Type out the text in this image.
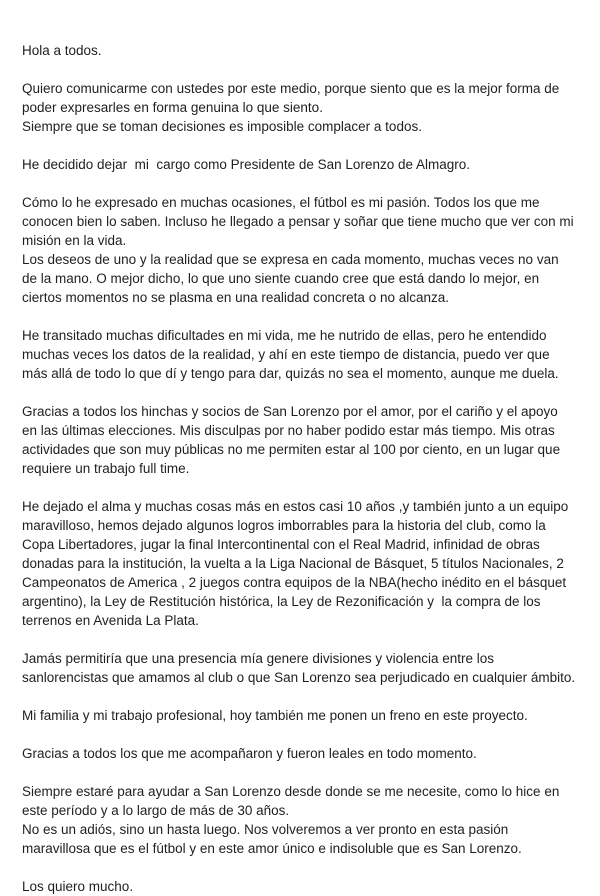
Hola a todos.

Quiero comunicarme con ustedes por este medio, porque siento que es la mejor forma de
poder expresarles en forma genuina lo que siento.
Siempre que se toman decisiones es imposible complacer a todos.

He decidido dejar  mi  cargo como Presidente de San Lorenzo de Almagro.

Cómo lo he expresado en muchas ocasiones, el fútbol es mi pasión. Todos los que me
conocen bien lo saben. Incluso he llegado a pensar y soñar que tiene mucho que ver con mi
misión en la vida.
Los deseos de uno y la realidad que se expresa en cada momento, muchas veces no van
de la mano. O mejor dicho, lo que uno siente cuando cree que está dando lo mejor, en
ciertos momentos no se plasma en una realidad concreta o no alcanza.

He transitado muchas dificultades en mi vida, me he nutrido de ellas, pero he entendido
muchas veces los datos de la realidad, y ahí en este tiempo de distancia, puedo ver que
más allá de todo lo que dí y tengo para dar, quizás no sea el momento, aunque me duela.

Gracias a todos los hinchas y socios de San Lorenzo por el amor, por el cariño y el apoyo
en las últimas elecciones. Mis disculpas por no haber podido estar más tiempo. Mis otras
actividades que son muy públicas no me permiten estar al 100 por ciento, en un lugar que
requiere un trabajo full time.

He dejado el alma y muchas cosas más en estos casi 10 años ,y también junto a un equipo
maravilloso, hemos dejado algunos logros imborrables para la historia del club, como la
Copa Libertadores, jugar la final Intercontinental con el Real Madrid, infinidad de obras
donadas para la institución, la vuelta a la Liga Nacional de Básquet, 5 títulos Nacionales, 2
Campeonatos de America , 2 juegos contra equipos de la NBA(hecho inédito en el básquet
argentino), la Ley de Restitución histórica, la Ley de Rezonificación y  la compra de los
terrenos en Avenida La Plata.

Jamás permitiría que una presencia mía genere divisiones y violencia entre los
sanlorencistas que amamos al club o que San Lorenzo sea perjudicado en cualquier ámbito.

Mi familia y mi trabajo profesional, hoy también me ponen un freno en este proyecto.

Gracias a todos los que me acompañaron y fueron leales en todo momento.

Siempre estaré para ayudar a San Lorenzo desde donde se me necesite, como lo hice en
este período y a lo largo de más de 30 años.
No es un adiós, sino un hasta luego. Nos volveremos a ver pronto en esta pasión
maravillosa que es el fútbol y en este amor único e indisoluble que es San Lorenzo.

Los quiero mucho.
